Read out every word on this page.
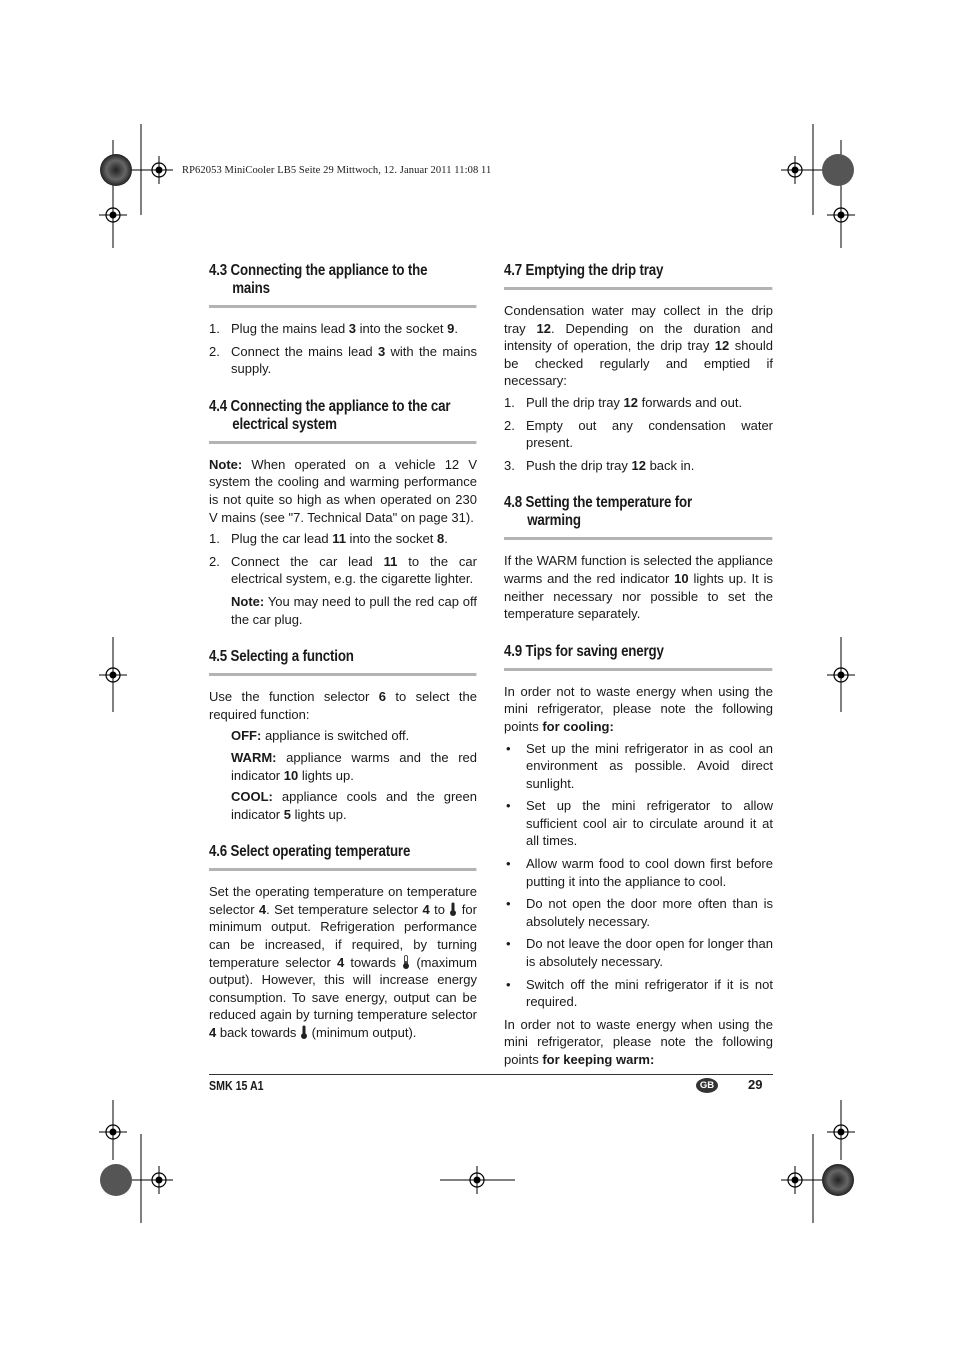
RP62053 MiniCooler LB5 Seite 29 Mittwoch, 12. Januar 2011 11:08 11
4.3 Connecting the appliance to the
mains
1. Plug the mains lead 3 into the socket 9.
2. Connect the mains lead 3 with the mains supply.
4.4 Connecting the appliance to the car
electrical system

Note: When operated on a vehicle 12 V system the cooling and warming performance is not quite so high as when operated on 230 V mains (see "7. Technical Data" on page 31).

1. Plug the car lead 11 into the socket 8.
2. Connect the car lead 11 to the car electrical system, e.g. the cigarette lighter.

Note: You may need to pull the red cap off the car plug.

4.5 Selecting a function

Use the function selector 6 to select the required function:

OFF: appliance is switched off.

WARM: appliance warms and the red indicator 10 lights up.

COOL: appliance cools and the green indicator 5 lights up.

4.6 Select operating temperature

Set the operating temperature on temperature selector 4. Set temperature selector 4 to  for minimum output. Refrigeration performance can be increased, if required, by turning temperature selector 4 towards  (maximum output). However, this will increase energy consumption. To save energy, output can be reduced again by turning temperature selector 4 back towards  (minimum output).

4.7 Emptying the drip tray

Condensation water may collect in the drip tray 12. Depending on the duration and intensity of operation, the drip tray 12 should be checked regularly and emptied if necessary:

1. Pull the drip tray 12 forwards and out.
2. Empty out any condensation water present.
3. Push the drip tray 12 back in.
4.8 Setting the temperature for
warming

If the WARM function is selected the appliance warms and the red indicator 10 lights up. It is neither necessary nor possible to set the temperature separately.

4.9 Tips for saving energy

In order not to waste energy when using the mini refrigerator, please note the following points for cooling:

• Set up the mini refrigerator in as cool an environment as possible. Avoid direct sunlight.
• Set up the mini refrigerator to allow sufficient cool air to circulate around it at all times.
• Allow warm food to cool down first before putting it into the appliance to cool.
• Do not open the door more often than is absolutely necessary.
• Do not leave the door open for longer than is absolutely necessary.
• Switch off the mini refrigerator if it is not required.

In order not to waste energy when using the mini refrigerator, please note the following points for keeping warm:

SMK 15 A1	GB	29
